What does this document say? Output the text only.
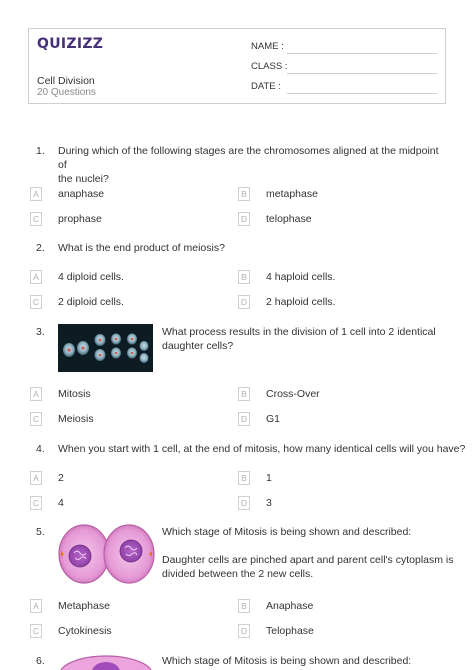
QUIZIZZ
Cell Division
20 Questions
NAME :
CLASS :
DATE :
1. During which of the following stages are the chromosomes aligned at the midpoint of
the nuclei?
A	anaphase	B	metaphase
C prophase	D telophase
2. What is the end product of meiosis?
A	4 diploid cells.	B	4 haploid cells.
C 2 diploid cells.	D 2 haploid cells.
3.	What process results in the division of 1 cell into 2 identical
daughter cells?
A	Mitosis	B	Cross-Over
C Meiosis	D G1
4. When you start with 1 cell, at the end of mitosis, how many identical cells will you have?
A	2	B	1
C 4	D 3
5.	Which stage of Mitosis is being shown and described:
Daughter cells are pinched apart and parent cell's cytoplasm is
divided between the 2 new cells.
A	Metaphase	B	Anaphase
C Cytokinesis	D Telophase
6.	Which stage of Mitosis is being shown and described:
